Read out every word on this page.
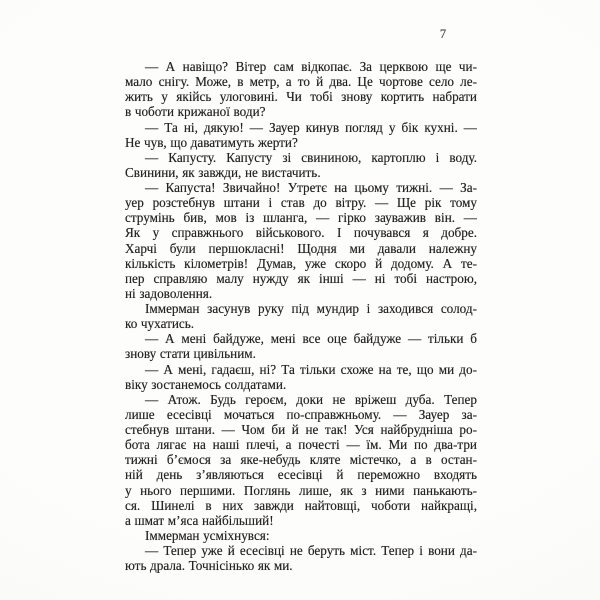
7
— А навіщо? Вітер сам відкопає. За церквою ще чи-
мало снігу. Може, в метр, а то й два. Це чортове село ле-
жить у якійсь улоговині. Чи тобі знову кортить набрати
в чоботи крижаної води?
— Та ні, дякую! — Зауер кинув погляд у бік кухні. —
Не чув, що даватимуть жерти?
— Капусту. Капусту зі свининою, картоплю і воду.
Свинини, як завжди, не вистачить.
— Капуста! Звичайно! Утретє на цьому тижні. — За-
уер розстебнув штани і став до вітру. — Ще рік тому
струмінь бив, мов із шланга, — гірко зауважив він. —
Як у справжнього військового. І почувався я добре.
Харчі були першокласні! Щодня ми давали належну
кількість кілометрів! Думав, уже скоро й додому. А те-
пер справляю малу нужду як інші — ні тобі настрою,
ні задоволення.
Іммерман засунув руку під мундир і заходився солод-
ко чухатись.
— А мені байдуже, мені все оце байдуже — тільки б
знову стати цивільним.
— А мені, гадаєш, ні? Та тільки схоже на те, що ми до-
віку зостанемось солдатами.
— Атож. Будь героєм, доки не вріжеш дуба. Тепер
лише есесівці мочаться по-справжньому. — Зауер за-
стебнув штани. — Чом би й не так! Уся найбрудніша ро-
бота лягає на наші плечі, а почесті — їм. Ми по два-три
тижні б’ємося за яке-небудь кляте містечко, а в остан-
ній день з’являються есесівці й переможно входять
у нього першими. Поглянь лише, як з ними панькають-
ся. Шинелі в них завжди найтовщі, чоботи найкращі,
а шмат м’яса найбільший!
Іммерман усміхнувся:
— Тепер уже й есесівці не беруть міст. Тепер і вони да-
ють драла. Точнісінько як ми.
